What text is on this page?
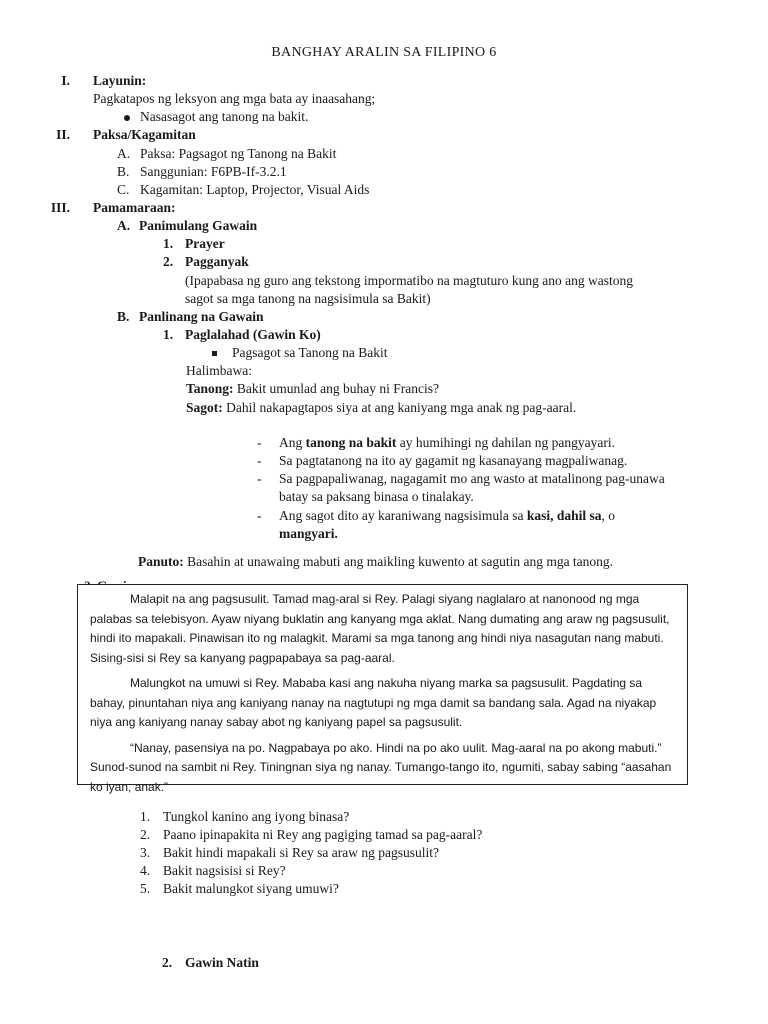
BANGHAY ARALIN SA FILIPINO 6
I. Layunin:
Pagkatapos ng leksyon ang mga bata ay inaasahang;
Nasasagot ang tanong na bakit.
II. Paksa/Kagamitan
A. Paksa: Pagsagot ng Tanong na Bakit
B. Sanggunian: F6PB-If-3.2.1
C. Kagamitan: Laptop, Projector, Visual Aids
III. Pamamaraan:
A. Panimulang Gawain
1. Prayer
2. Pagganyak
(Ipapabasa ng guro ang tekstong impormatibo na magtuturo kung ano ang wastong
sagot sa mga tanong na nagsisimula sa Bakit)
B. Panlinang na Gawain
1. Paglalahad (Gawin Ko)
Pagsagot sa Tanong na Bakit
Halimbawa:
Tanong: Bakit umunlad ang buhay ni Francis?
Sagot: Dahil nakapagtapos siya at ang kaniyang mga anak ng pag-aaral.
- Ang tanong na bakit ay humihingi ng dahilan ng pangyayari.
- Sa pagtatanong na ito ay gagamit ng kasanayang magpaliwanag.
- Sa pagpapaliwanag, nagagamit mo ang wasto at matalinong pag-unawa
batay sa paksang binasa o tinalakay.
- Ang sagot dito ay karaniwang nagsisimula sa kasi, dahil sa, o
mangyari.
Panuto: Basahin at unawaing mabuti ang maikling kuwento at sagutin ang mga tanong.

Malapit na ang pagsusulit. Tamad mag-aral si Rey. Palagi siyang naglalaro at nanonood ng mga palabas sa telebisyon. Ayaw niyang buklatin ang kanyang mga aklat. Nang dumating ang araw ng pagsusulit, hindi ito mapakali. Pinawisan ito ng malagkit. Marami sa mga tanong ang hindi niya nasagutan nang mabuti. Sising-sisi si Rey sa kanyang pagpapabaya sa pag-aaral.

Malungkot na umuwi si Rey. Mababa kasi ang nakuha niyang marka sa pagsusulit. Pagdating sa bahay, pinuntahan niya ang kaniyang nanay na nagtutupi ng mga damit sa bandang sala. Agad na niyakap niya ang kaniyang nanay sabay abot ng kaniyang papel sa pagsusulit.

“Nanay, pasensiya na po. Nagpabaya po ako. Hindi na po ako uulit. Mag-aaral na po akong mabuti.” Sunod-sunod na sambit ni Rey. Tiningnan siya ng nanay. Tumango-tango ito, ngumiti, sabay sabing “aasahan ko iyan, anak.”

1. Tungkol kanino ang iyong binasa?
2. Paano ipinapakita ni Rey ang pagiging tamad sa pag-aaral?
3. Bakit hindi mapakali si Rey sa araw ng pagsusulit?
4. Bakit nagsisisi si Rey?
5. Bakit malungkot siyang umuwi?
2. Gawin Natin
